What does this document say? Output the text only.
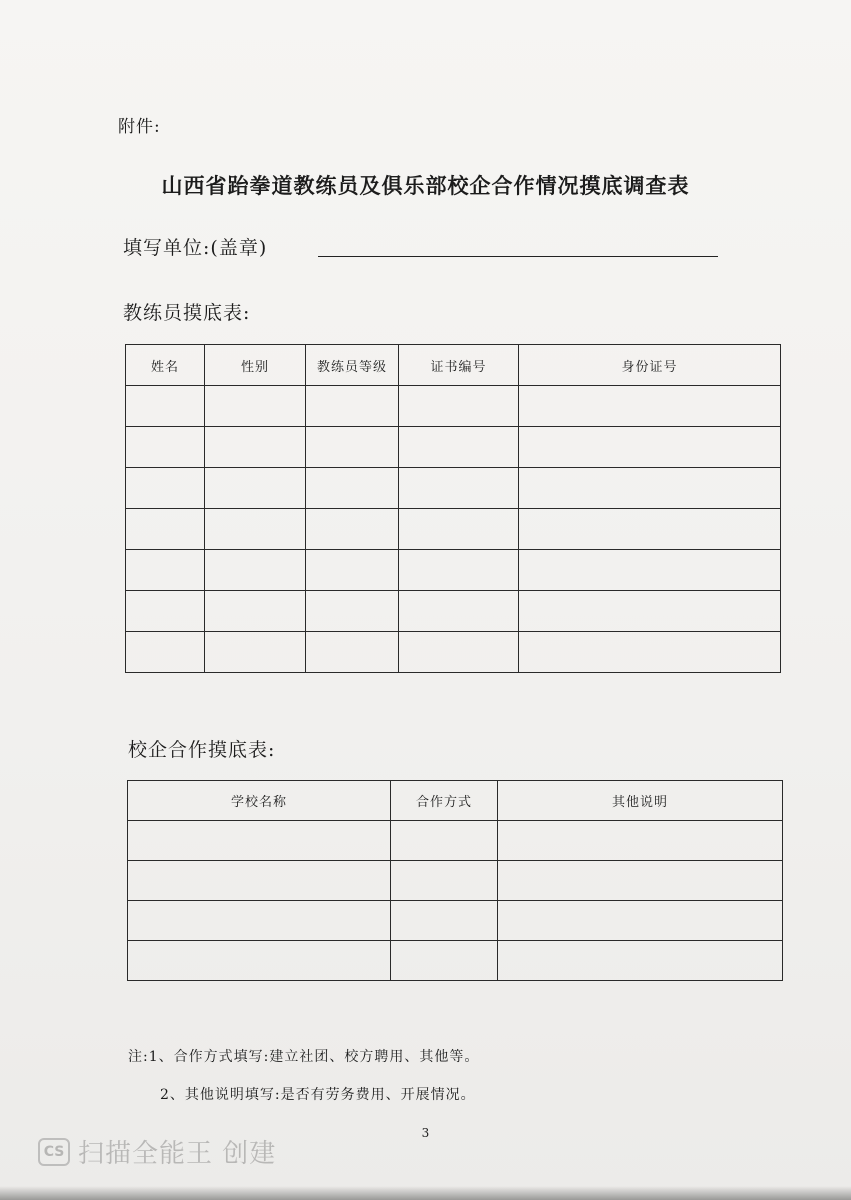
附件:
山西省跆拳道教练员及俱乐部校企合作情况摸底调查表
填写单位:(盖章)
教练员摸底表:
姓名	性别	教练员等级	证书编号	身份证号

校企合作摸底表:
学校名称	合作方式	其他说明

注:1、合作方式填写:建立社团、校方聘用、其他等。
2、其他说明填写:是否有劳务费用、开展情况。
3
CS 扫描全能王 创建
